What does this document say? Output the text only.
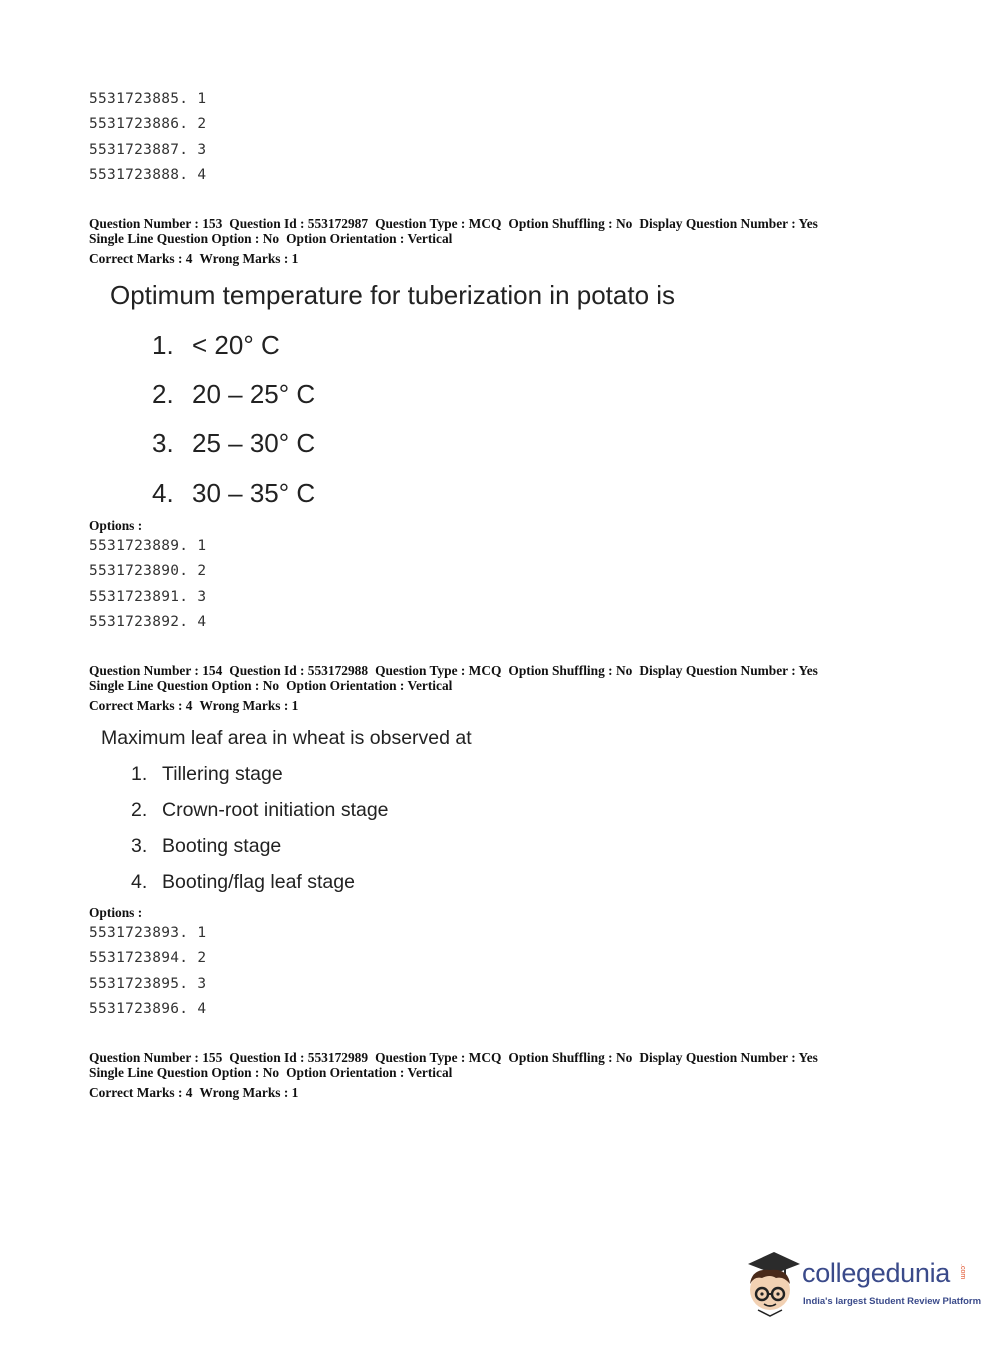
5531723885. 1
5531723886. 2
5531723887. 3
5531723888. 4
Question Number : 153 Question Id : 553172987 Question Type : MCQ Option Shuffling : No Display Question Number : Yes
Single Line Question Option : No Option Orientation : Vertical
Correct Marks : 4 Wrong Marks : 1
Optimum temperature for tuberization in potato is
1. < 20° C
2. 20 – 25° C
3. 25 – 30° C
4. 30 – 35° C
Options :
5531723889. 1
5531723890. 2
5531723891. 3
5531723892. 4
Question Number : 154 Question Id : 553172988 Question Type : MCQ Option Shuffling : No Display Question Number : Yes
Single Line Question Option : No Option Orientation : Vertical
Correct Marks : 4 Wrong Marks : 1
Maximum leaf area in wheat is observed at
1. Tillering stage
2. Crown-root initiation stage
3. Booting stage
4. Booting/flag leaf stage
Options :
5531723893. 1
5531723894. 2
5531723895. 3
5531723896. 4
Question Number : 155 Question Id : 553172989 Question Type : MCQ Option Shuffling : No Display Question Number : Yes
Single Line Question Option : No Option Orientation : Vertical
Correct Marks : 4 Wrong Marks : 1
collegedunia .com
India's largest Student Review Platform
